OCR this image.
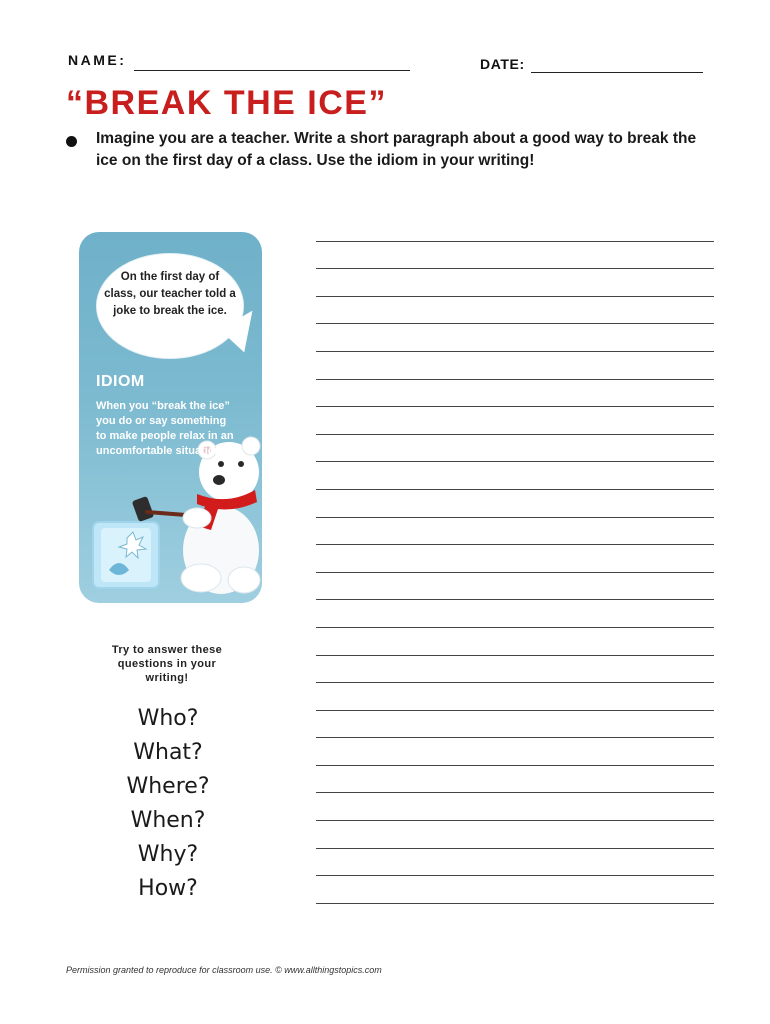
NAME:	DATE:
“BREAK THE ICE”
Imagine you are a teacher. Write a short paragraph about a good way to break the ice on the first day of a class. Use the idiom in your writing!
On the first day of class, our teacher told a joke to break the ice.
IDIOM
When you “break the ice” you do or say something to make people relax in an uncomfortable situation.
Try to answer these questions in your writing!
Who?
What?
Where?
When?
Why?
How?
Permission granted to reproduce for classroom use. © www.allthingstopics.com
